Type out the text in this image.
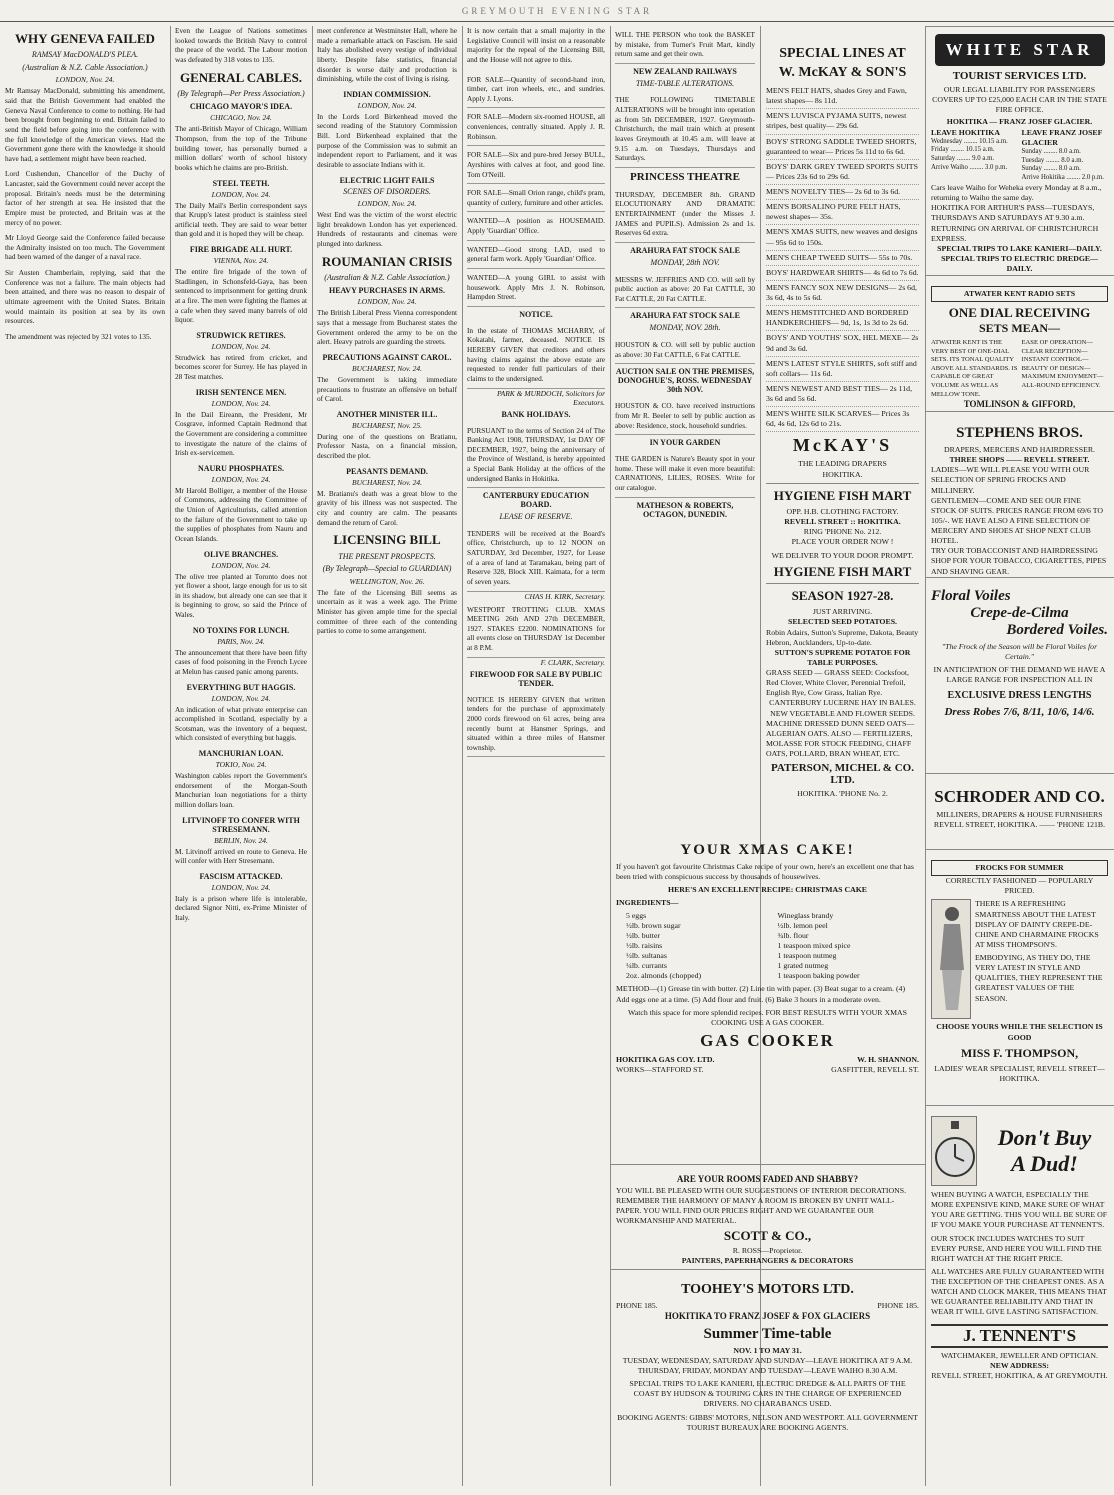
GREYMOUTH EVENING STAR
WHY GENEVA FAILED
RAMSAY MacDONALD'S PLEA.
(Australian & N.Z. Cable Association.)
LONDON, Nov. 24.

Mr Ramsay MacDonald, submitting his amendment, said that the British Government had enabled the Geneva Naval Conference to come to nothing. He had been brought from beginning to end. Britain failed to send the field before going into the conference with the full knowledge of the American views. Had the Government gone there with the knowledge it should have had, a settlement might have been reached.

Lord Cushendun, Chancellor of the Duchy of Lancaster, said the Government could never accept the proposal. Britain's needs must be the determining factor of her strength at sea. He insisted that the Empire must be protected, and Britain was at the mercy of no power.

Mr Lloyd George said the Conference failed because the Admiralty insisted on too much. The Government had been warned of the danger of a naval race.

Sir Austen Chamberlain, replying, said that the Conference was not a failure. The main objects had been attained, and there was no reason to despair of ultimate agreement with the United States. Britain would maintain its position at sea by its own resources.

The amendment was rejected by 321 votes to 135.

Even the League of Nations sometimes looked towards the British Navy to control the peace of the world. The Labour motion was defeated by 318 votes to 135.

GENERAL CABLES.
(By Telegraph—Per Press Association.)
CHICAGO MAYOR'S IDEA.
CHICAGO, Nov. 24.

The anti-British Mayor of Chicago, William Thompson, from the top of the Tribune building tower, has personally burned a million dollars' worth of school history books which he claims are pro-British.

STEEL TEETH.
LONDON, Nov. 24.

The Daily Mail's Berlin correspondent says that Krupp's latest product is stainless steel artificial teeth. They are said to wear better than gold and it is hoped they will be cheap.

FIRE BRIGADE ALL HURT.
VIENNA, Nov. 24.

The entire fire brigade of the town of Stadlingen, in Schonsfeld-Gaya, has been sentenced to imprisonment for getting drunk at a fire. The men were fighting the flames at a cafe when they saved many barrels of old liquor.

STRUDWICK RETIRES.
LONDON, Nov. 24.

Strudwick has retired from cricket, and becomes scorer for Surrey. He has played in 28 Test matches.

IRISH SENTENCE MEN.
LONDON, Nov. 24.

In the Dail Eireann, the President, Mr Cosgrave, informed Captain Redmond that the Government are considering a committee to investigate the nature of the claims of Irish ex-servicemen.

NAURU PHOSPHATES.
LONDON, Nov. 24.

Mr Harold Bolliger, a member of the House of Commons, addressing the Committee of the Union of Agriculturists, called attention to the failure of the Government to take up the supplies of phosphates from Nauru and Ocean Islands.

OLIVE BRANCHES.
LONDON, Nov. 24.

The olive tree planted at Toronto does not yet flower a shoot, large enough for us to sit in its shadow, but already one can see that it is beginning to grow, so said the Prince of Wales.

NO TOXINS FOR LUNCH.
PARIS, Nov. 24.

The announcement that there have been fifty cases of food poisoning in the French Lycee at Melun has caused panic among parents.

EVERYTHING BUT HAGGIS.
LONDON, Nov. 24.

An indication of what private enterprise can accomplished in Scotland, especially by a Scotsman, was the inventory of a bequest, which consisted of everything but haggis.

MANCHURIAN LOAN.
TOKIO, Nov. 24.

Washington cables report the Government's endorsement of the Morgan-South Manchurian loan negotiations for a thirty million dollars loan.

LITVINOFF TO CONFER WITH STRESEMANN.
BERLIN, Nov. 24.

M. Litvinoff arrived en route to Geneva. He will confer with Herr Stresemann.

FASCISM ATTACKED.
LONDON, Nov. 24.

Italy is a prison where life is intolerable, declared Signor Nitti, ex-Prime Minister of Italy.

meet conference at Westminster Hall, where he made a remarkable attack on Fascism. He said Italy has abolished every vestige of individual liberty. Despite false statistics, financial disorder is worse daily and production is diminishing, while the cost of living is rising.

INDIAN COMMISSION.
LONDON, Nov. 24.

In the Lords Lord Birkenhead moved the second reading of the Statutory Commission Bill. Lord Birkenhead explained that the purpose of the Commission was to submit an independent report to Parliament, and it was desirable to associate Indians with it.

ELECTRIC LIGHT FAILS
SCENES OF DISORDERS.
LONDON, Nov. 24.

West End was the victim of the worst electric light breakdown London has yet experienced. Hundreds of restaurants and cinemas were plunged into darkness.

ROUMANIAN CRISIS
(Australian & N.Z. Cable Association.)
HEAVY PURCHASES IN ARMS.
LONDON, Nov. 24.

The British Liberal Press Vienna correspondent says that a message from Bucharest states the Government ordered the army to be on the alert. Heavy patrols are guarding the streets.

PRECAUTIONS AGAINST CAROL.
BUCHAREST, Nov. 24.

The Government is taking immediate precautions to frustrate an offensive on behalf of Carol.

ANOTHER MINISTER ILL.
BUCHAREST, Nov. 25.

During one of the questions on Bratianu, Professor Nasta, on a financial mission, described the plot.

PEASANTS DEMAND.
BUCHAREST, Nov. 24.

M. Bratianu's death was a great blow to the gravity of his illness was not suspected. The city and country are calm. The peasants demand the return of Carol.

LICENSING BILL
THE PRESENT PROSPECTS.
(By Telegraph—Special to GUARDIAN)
WELLINGTON, Nov. 26.

The fate of the Licensing Bill seems as uncertain as it was a week ago. The Prime Minister has given ample time for the special committee of three each of the contending parties to come to some arrangement.

It is now certain that a small majority in the Legislative Council will insist on a reasonable majority for the repeal of the Licensing Bill, and the House will not agree to this.

FOR SALE—Quantity of second-hand iron, timber, cart iron wheels, etc., and sundries. Apply J. Lyons.

FOR SALE—Modern six-roomed HOUSE, all conveniences, centrally situated. Apply J. R. Robinson.

FOR SALE—Six and pure-bred Jersey BULL, Ayrshires with calves at foot, and good line. Tom O'Neill.

FOR SALE—Small Orion range, child's pram, quantity of cutlery, furniture and other articles.

WANTED—A position as HOUSEMAID. Apply 'Guardian' Office.

WANTED—Good strong LAD, used to general farm work. Apply 'Guardian' Office.

WANTED—A young GIRL to assist with housework. Apply Mrs J. N. Robinson, Hampden Street.

NOTICE.

In the estate of THOMAS MCHARRY, of Kokatahi, farmer, deceased. NOTICE IS HEREBY GIVEN that creditors and others having claims against the above estate are requested to render full particulars of their claims to the undersigned.

PARK & MURDOCH, Solicitors for Executors.
BANK HOLIDAYS.

PURSUANT to the terms of Section 24 of The Banking Act 1908, THURSDAY, 1st DAY OF DECEMBER, 1927, being the anniversary of the Province of Westland, is hereby appointed a Special Bank Holiday at the offices of the undersigned Banks in Hokitika.

CANTERBURY EDUCATION BOARD.
LEASE OF RESERVE.

TENDERS will be received at the Board's office, Christchurch, up to 12 NOON on SATURDAY, 3rd December, 1927, for Lease of a area of land at Taramakau, being part of Reserve 328, Block XIII. Kaimata, for a term of seven years.

CHAS H. KIRK, Secretary.

WESTPORT TROTTING CLUB. XMAS MEETING 26th AND 27th DECEMBER, 1927. STAKES £2200. NOMINATIONS for all events close on THURSDAY 1st December at 8 P.M.

F. CLARK, Secretary.
FIREWOOD FOR SALE BY PUBLIC TENDER.

NOTICE IS HEREBY GIVEN that written tenders for the purchase of approximately 2000 cords firewood on 61 acres, being area recently burnt at Hansmer Springs, and situated within a three miles of Hansmer township.

WILL THE PERSON who took the BASKET by mistake, from Turner's Fruit Mart, kindly return same and get their own.

NEW ZEALAND RAILWAYS
TIME-TABLE ALTERATIONS.

THE FOLLOWING TIMETABLE ALTERATIONS will be brought into operation as from 5th DECEMBER, 1927. Greymouth-Christchurch, the mail train which at present leaves Greymouth at 10.45 a.m. will leave at 9.15 a.m. on Tuesdays, Thursdays and Saturdays.

PRINCESS THEATRE

THURSDAY, DECEMBER 8th. GRAND ELOCUTIONARY AND DRAMATIC ENTERTAINMENT (under the Misses J. JAMES and PUPILS). Admission 2s and 1s. Reserves 6d extra.

ARAHURA FAT STOCK SALE
MONDAY, 28th NOV.

MESSRS W. JEFFRIES AND CO. will sell by public auction as above: 20 Fat CATTLE, 30 Fat CATTLE, 20 Fat CATTLE.

ARAHURA FAT STOCK SALE
MONDAY, NOV. 28th.

HOUSTON & CO. will sell by public auction as above: 30 Fat CATTLE, 6 Fat CATTLE.

AUCTION SALE ON THE PREMISES, DONOGHUE'S, ROSS. WEDNESDAY 30th NOV.

HOUSTON & CO. have received instructions from Mr R. Beeler to sell by public auction as above: Residence, stock, household sundries.

IN YOUR GARDEN

THE GARDEN is Nature's Beauty spot in your home. These will make it even more beautiful: CARNATIONS, LILIES, ROSES. Write for our catalogue.

MATHESON & ROBERTS, OCTAGON, DUNEDIN.
SPECIAL LINES AT
W. McKAY & SON'S
MEN'S FELT HATS, shades Grey and Fawn, latest shapes— 8s 11d.
MEN'S LUVISCA PYJAMA SUITS, newest stripes, best quality— 29s 6d.
BOYS' STRONG SADDLE TWEED SHORTS, guaranteed to wear— Prices 5s 11d to 6s 6d.
BOYS' DARK GREY TWEED SPORTS SUITS— Prices 23s 6d to 29s 6d.
MEN'S NOVELTY TIES— 2s 6d to 3s 6d.
MEN'S BORSALINO PURE FELT HATS, newest shapes— 35s.
MEN'S XMAS SUITS, new weaves and designs— 95s 6d to 150s.
MEN'S CHEAP TWEED SUITS— 55s to 70s.
BOYS' HARDWEAR SHIRTS— 4s 6d to 7s 6d.
MEN'S FANCY SOX NEW DESIGNS— 2s 6d, 3s 6d, 4s to 5s 6d.
MEN'S HEMSTITCHED AND BORDERED HANDKERCHIEFS— 9d, 1s, 1s 3d to 2s 6d.
BOYS' AND YOUTHS' SOX, HEL MEXE— 2s 9d and 3s 6d.
MEN'S LATEST STYLE SHIRTS, soft stiff and soft collars— 11s 6d.
MEN'S NEWEST AND BEST TIES— 2s 11d, 3s 6d and 5s 6d.
MEN'S WHITE SILK SCARVES— Prices 3s 6d, 4s 6d, 12s 6d to 21s.
McKAY'S
THE LEADING DRAPERS
HOKITIKA.
HYGIENE FISH MART
OPP. H.B. CLOTHING FACTORY.
REVELL STREET :: HOKITIKA.
RING 'PHONE No. 212.
PLACE YOUR ORDER NOW !
WE DELIVER TO YOUR DOOR PROMPT.
HYGIENE FISH MART
SEASON 1927-28.
JUST ARRIVING.
SELECTED SEED POTATOES.
Robin Adairs, Sutton's Supreme, Dakota, Beauty Hebron, Aucklanders, Up-to-date.
SUTTON'S SUPREME POTATOE FOR TABLE PURPOSES.
GRASS SEED — GRASS SEED: Cocksfoot, Red Clover, White Clover, Perennial Trefoil, English Rye, Cow Grass, Italian Rye.
CANTERBURY LUCERNE HAY IN BALES.
NEW VEGETABLE AND FLOWER SEEDS.
MACHINE DRESSED DUNN SEED OATS— ALGERIAN OATS. ALSO — FERTILIZERS, MOLASSE FOR STOCK FEEDING, CHAFF OATS, POLLARD, BRAN WHEAT, ETC.
PATERSON, MICHEL & CO. LTD.
HOKITIKA. 'PHONE No. 2.
YOUR XMAS CAKE!
If you haven't got favourite Christmas Cake recipe of your own, here's an excellent one that has been tried with conspicuous success by thousands of housewives.
HERE'S AN EXCELLENT RECIPE: CHRISTMAS CAKE
INGREDIENTS—
5 eggs
½lb. brown sugar
½lb. butter
½lb. raisins
½lb. sultanas
¼lb. currants
2oz. almonds (chopped)
Wineglass brandy
½lb. lemon peel
¾lb. flour
1 teaspoon mixed spice
1 teaspoon nutmeg
1 grated nutmeg
1 teaspoon baking powder
METHOD—(1) Grease tin with butter. (2) Line tin with paper. (3) Beat sugar to a cream. (4) Add eggs one at a time. (5) Add flour and fruit. (6) Bake 3 hours in a moderate oven.
Watch this space for more splendid recipes. FOR BEST RESULTS WITH YOUR XMAS COOKING USE A GAS COOKER.
GAS COOKER
HOKITIKA GAS COY. LTD.
WORKS—STAFFORD ST.
W. H. SHANNON.
GASFITTER, REVELL ST.
ARE YOUR ROOMS FADED AND SHABBY?
YOU WILL BE PLEASED WITH OUR SUGGESTIONS OF INTERIOR DECORATIONS. REMEMBER THE HARMONY OF MANY A ROOM IS BROKEN BY UNFIT WALL-PAPER. YOU WILL FIND OUR PRICES RIGHT AND WE GUARANTEE OUR WORKMANSHIP AND MATERIAL.
SCOTT & CO.,
R. ROSS—Proprietor.
PAINTERS, PAPERHANGERS & DECORATORS
TOOHEY'S MOTORS LTD.
PHONE 185.	PHONE 185.
HOKITIKA TO FRANZ JOSEF & FOX GLACIERS
Summer Time-table
NOV. 1 TO MAY 31.
TUESDAY, WEDNESDAY, SATURDAY AND SUNDAY—LEAVE HOKITIKA AT 9 A.M. THURSDAY, FRIDAY, MONDAY AND TUESDAY—LEAVE WAIHO 8.30 A.M.
SPECIAL TRIPS TO LAKE KANIERI, ELECTRIC DREDGE & ALL PARTS OF THE COAST BY HUDSON & TOURING CARS IN THE CHARGE OF EXPERIENCED DRIVERS. NO CHARABANCS USED.
BOOKING AGENTS: GIBBS' MOTORS, NELSON AND WESTPORT. ALL GOVERNMENT TOURIST BUREAUX ARE BOOKING AGENTS.
WHITE STAR
TOURIST SERVICES LTD.
OUR LEGAL LIABILITY FOR PASSENGERS COVERS UP TO £25,000 EACH CAR IN THE STATE FIRE OFFICE.
HOKITIKA — FRANZ JOSEF GLACIER.
LEAVE HOKITIKA
Wednesday ........ 10.15 a.m.
Friday ........ 10.15 a.m.
Saturday ........ 9.0 a.m.
Arrive Waiho ........ 3.0 p.m.
LEAVE FRANZ JOSEF GLACIER
Sunday ........ 8.0 a.m.
Tuesday ........ 8.0 a.m.
Sunday ........ 8.0 a.m.
Arrive Hokitika ........ 2.0 p.m.
Cars leave Waiho for Weheka every Monday at 8 a.m., returning to Waiho the same day.
HOKITIKA FOR ARTHUR'S PASS—TUESDAYS, THURSDAYS AND SATURDAYS AT 9.30 a.m. RETURNING ON ARRIVAL OF CHRISTCHURCH EXPRESS.
SPECIAL TRIPS TO LAKE KANIERI—DAILY.
SPECIAL TRIPS TO ELECTRIC DREDGE—DAILY.
ATWATER KENT RADIO SETS
ONE DIAL RECEIVING
SETS MEAN—
ATWATER KENT IS THE VERY BEST OF ONE-DIAL SETS. ITS TONAL QUALITY ABOVE ALL STANDARDS. IS CAPABLE OF GREAT VOLUME AS WELL AS MELLOW TONE.
EASE OF OPERATION—CLEAR RECEPTION—INSTANT CONTROL—BEAUTY OF DESIGN—MAXIMUM ENJOYMENT—ALL-ROUND EFFICIENCY.
TOMLINSON & GIFFORD,
STEPHENS BROS.
DRAPERS, MERCERS AND HAIRDRESSER.
THREE SHOPS —— REVELL STREET.
LADIES—WE WILL PLEASE YOU WITH OUR SELECTION OF SPRING FROCKS AND MILLINERY.
GENTLEMEN—COME AND SEE OUR FINE STOCK OF SUITS. PRICES RANGE FROM 69/6 TO 105/-. WE HAVE ALSO A FINE SELECTION OF MERCERY AND SHOES AT SHOP NEXT CLUB HOTEL.
TRY OUR TOBACCONIST AND HAIRDRESSING SHOP FOR YOUR TOBACCO, CIGARETTES, PIPES AND SHAVING GEAR.
Floral Voiles
Crepe-de-Cilma
Bordered Voiles.
"The Frock of the Season will be Floral Voiles for Certain."
IN ANTICIPATION OF THE DEMAND WE HAVE A LARGE RANGE FOR INSPECTION ALL IN
EXCLUSIVE DRESS LENGTHS
Dress Robes 7/6, 8/11, 10/6, 14/6.
SCHRODER AND CO.
MILLINERS, DRAPERS & HOUSE FURNISHERS
REVELL STREET, HOKITIKA. —— 'PHONE 121B.
FROCKS FOR SUMMER
CORRECTLY FASHIONED — POPULARLY PRICED.
THERE IS A REFRESHING SMARTNESS ABOUT THE LATEST DISPLAY OF DAINTY CREPE-DE-CHINE AND CHARMAINE FROCKS AT MISS THOMPSON'S.
EMBODYING, AS THEY DO, THE VERY LATEST IN STYLE AND QUALITIES, THEY REPRESENT THE GREATEST VALUES OF THE SEASON.
CHOOSE YOURS WHILE THE SELECTION IS GOOD
MISS F. THOMPSON,
LADIES' WEAR SPECIALIST, REVELL STREET—HOKITIKA.
Don't Buy
A Dud!
WHEN BUYING A WATCH, ESPECIALLY THE MORE EXPENSIVE KIND, MAKE SURE OF WHAT YOU ARE GETTING. THIS YOU WILL BE SURE OF IF YOU MAKE YOUR PURCHASE AT TENNENT'S.
OUR STOCK INCLUDES WATCHES TO SUIT EVERY PURSE, AND HERE YOU WILL FIND THE RIGHT WATCH AT THE RIGHT PRICE.
ALL WATCHES ARE FULLY GUARANTEED WITH THE EXCEPTION OF THE CHEAPEST ONES. AS A WATCH AND CLOCK MAKER, THIS MEANS THAT WE GUARANTEE RELIABILITY AND THAT IN WEAR IT WILL GIVE LASTING SATISFACTION.
J. TENNENT'S
WATCHMAKER, JEWELLER AND OPTICIAN.
NEW ADDRESS:
REVELL STREET, HOKITIKA, & AT GREYMOUTH.
